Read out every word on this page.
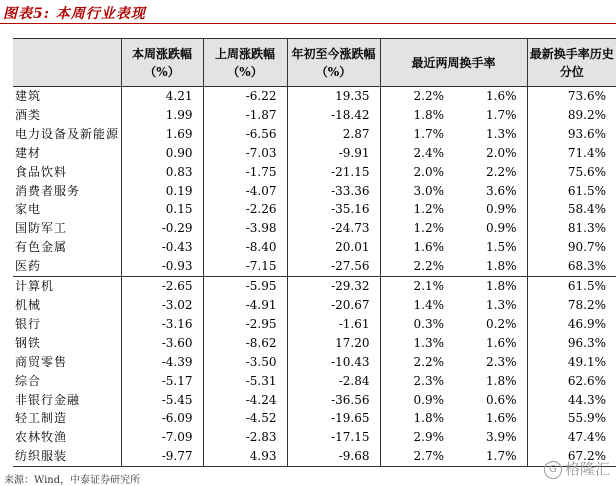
图表5: 本周行业表现
	本周涨跌幅（%）	上周涨跌幅（%）	年初至今涨跌幅（%）	最近两周换手率		最新换手率历史分位
建筑	4.21	-6.22	19.35	2.2%	1.6%	73.6%
酒类	1.99	-1.87	-18.42	1.8%	1.7%	89.2%
电力设备及新能源	1.69	-6.56	2.87	1.7%	1.3%	93.6%
建材	0.90	-7.03	-9.91	2.4%	2.0%	71.4%
食品饮料	0.83	-1.75	-21.15	2.0%	2.2%	75.6%
消费者服务	0.19	-4.07	-33.36	3.0%	3.6%	61.5%
家电	0.15	-2.26	-35.16	1.2%	0.9%	58.4%
国防军工	-0.29	-3.98	-24.73	1.2%	0.9%	81.3%
有色金属	-0.43	-8.40	20.01	1.6%	1.5%	90.7%
医药	-0.93	-7.15	-27.56	2.2%	1.8%	68.3%
计算机	-2.65	-5.95	-29.32	2.1%	1.8%	61.5%
机械	-3.02	-4.91	-20.67	1.4%	1.3%	78.2%
银行	-3.16	-2.95	-1.61	0.3%	0.2%	46.9%
钢铁	-3.60	-8.62	17.20	1.3%	1.6%	96.3%
商贸零售	-4.39	-3.50	-10.43	2.2%	2.3%	49.1%
综合	-5.17	-5.31	-2.84	2.3%	1.8%	62.6%
非银行金融	-5.45	-4.24	-36.56	0.9%	0.6%	44.3%
轻工制造	-6.09	-4.52	-19.65	1.8%	1.6%	55.9%
农林牧渔	-7.09	-2.83	-17.15	2.9%	3.9%	47.4%
纺织服装	-9.77	4.93	-9.68	2.7%	1.7%	67.2%
来源：Wind，中泰证券研究所
G 格隆汇
